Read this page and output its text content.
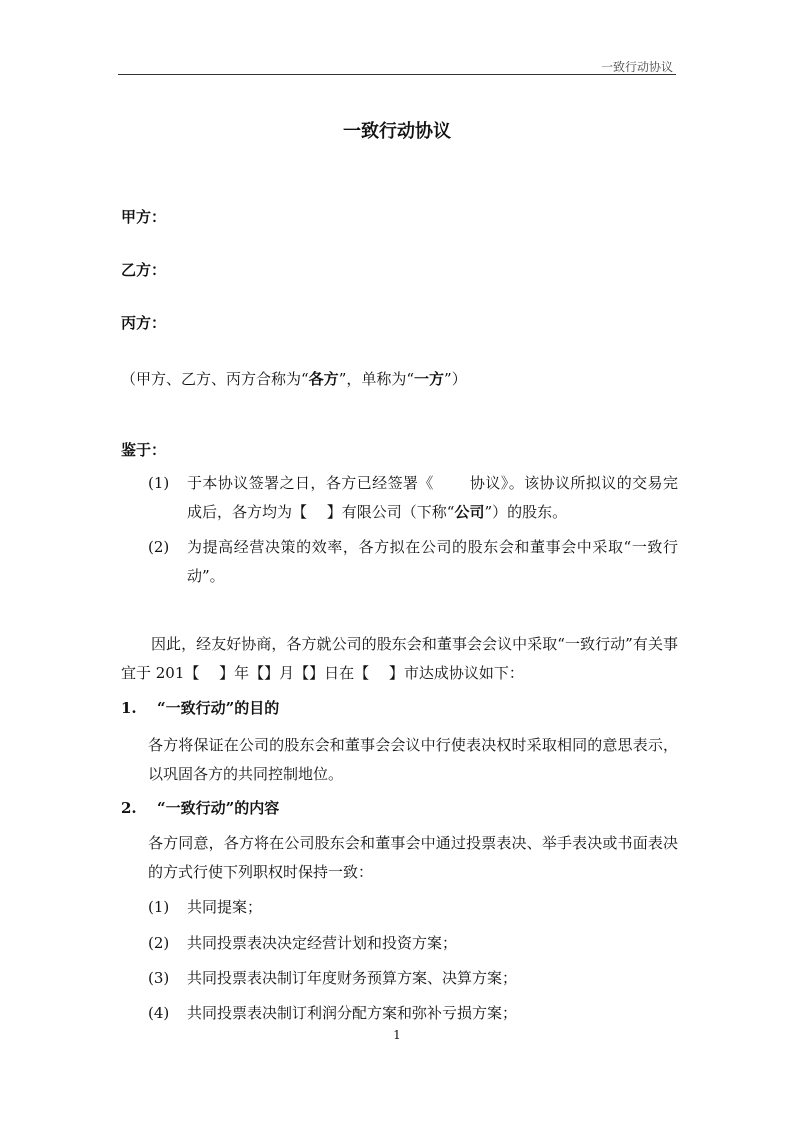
一致行动协议
一致行动协议
甲方：
乙方：
丙方：
（甲方、乙方、丙方合称为“各方”，单称为“一方”）
鉴于：
(1) 于本协议签署之日，各方已经签署《　　 协议》。该协议所拟议的交易完成后，各方均为【　 】有限公司（下称“公司”）的股东。
(2) 为提高经营决策的效率，各方拟在公司的股东会和董事会中采取“一致行动”。
因此，经友好协商，各方就公司的股东会和董事会会议中采取“一致行动”有关事宜于 201【　 】年【】月【】日在【　 】市达成协议如下：
1. “一致行动”的目的
各方将保证在公司的股东会和董事会会议中行使表决权时采取相同的意思表示，以巩固各方的共同控制地位。
2. “一致行动”的内容
各方同意，各方将在公司股东会和董事会中通过投票表决、举手表决或书面表决的方式行使下列职权时保持一致：
(1) 共同提案；
(2) 共同投票表决决定经营计划和投资方案；
(3) 共同投票表决制订年度财务预算方案、决算方案；
(4) 共同投票表决制订利润分配方案和弥补亏损方案；
1
